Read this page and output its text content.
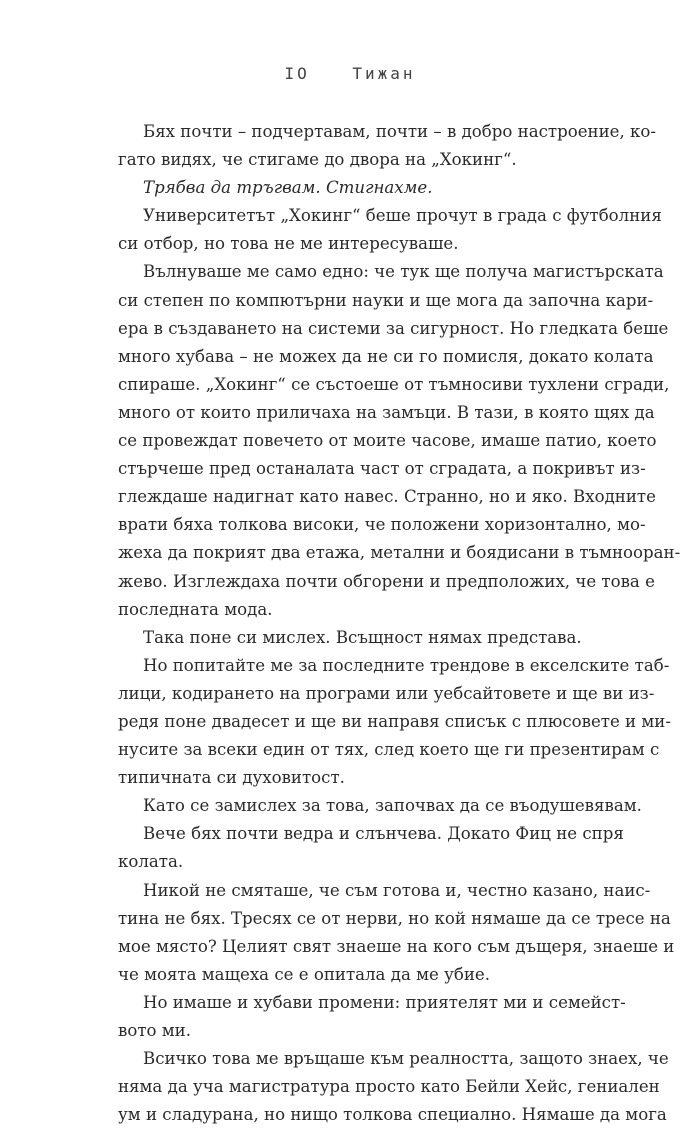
IO	Тижан

Бях почти – подчертавам, почти – в добро настроение, ко-
гато видях, че стигаме до двора на „Хокинг“.

Трябва да тръгвам. Стигнахме.

Университетът „Хокинг“ беше прочут в града с футболния
си отбор, но това не ме интересуваше.

Вълнуваше ме само едно: че тук ще получа магистърската
си степен по компютърни науки и ще мога да започна кари-
ера в създаването на системи за сигурност. Но гледката беше
много хубава – не можех да не си го помисля, докато колата
спираше. „Хокинг“ се състоеше от тъмносиви тухлени сгради,
много от които приличаха на замъци. В тази, в която щях да
се провеждат повечето от моите часове, имаше патио, което
стърчеше пред останалата част от сградата, а покривът из-
глеждаше надигнат като навес. Странно, но и яко. Входните
врати бяха толкова високи, че положени хоризонтално, мо-
жеха да покрият два етажа, метални и боядисани в тъмнооран-
жево. Изглеждаха почти обгорени и предположих, че това е
последната мода.

Така поне си мислех. Всъщност нямах представа.

Но попитайте ме за последните трендове в екселските таб-
лици, кодирането на програми или уебсайтовете и ще ви из-
редя поне двадесет и ще ви направя списък с плюсовете и ми-
нусите за всеки един от тях, след което ще ги презентирам с
типичната си духовитост.

Като се замислех за това, започвах да се въодушевявам.

Вече бях почти ведра и слънчева. Докато Фиц не спря
колата.

Никой не смяташе, че съм готова и, честно казано, наис-
тина не бях. Тресях се от нерви, но кой нямаше да се тресе на
мое място? Целият свят знаеше на кого съм дъщеря, знаеше и
че моята мащеха се е опитала да ме убие.

Но имаше и хубави промени: приятелят ми и семейст-
вото ми.

Всичко това ме връщаше към реалността, защото знаех, че
няма да уча магистратура просто като Бейли Хейс, гениален
ум и сладурана, но нищо толкова специално. Нямаше да мога
